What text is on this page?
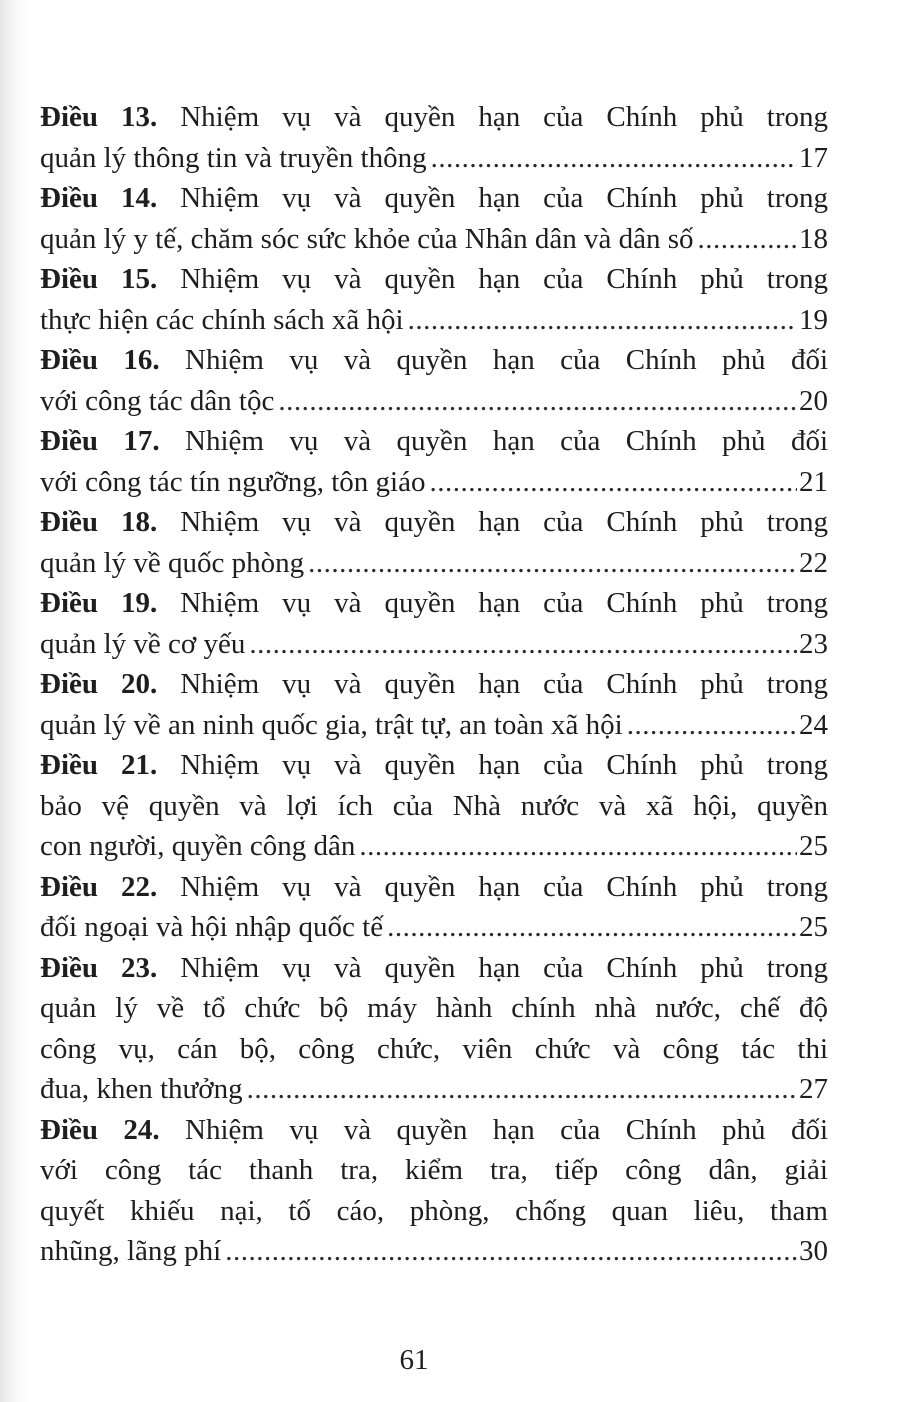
Điều 13. Nhiệm vụ và quyền hạn của Chính phủ trong
quản lý thông tin và truyền thông .....	17
Điều 14. Nhiệm vụ và quyền hạn của Chính phủ trong
quản lý y tế, chăm sóc sức khỏe của Nhân dân và dân số .....	18
Điều 15. Nhiệm vụ và quyền hạn của Chính phủ trong
thực hiện các chính sách xã hội .....	19
Điều 16. Nhiệm vụ và quyền hạn của Chính phủ đối
với công tác dân tộc .....	20
Điều 17. Nhiệm vụ và quyền hạn của Chính phủ đối
với công tác tín ngưỡng, tôn giáo .....	21
Điều 18. Nhiệm vụ và quyền hạn của Chính phủ trong
quản lý về quốc phòng .....	22
Điều 19. Nhiệm vụ và quyền hạn của Chính phủ trong
quản lý về cơ yếu .....	23
Điều 20. Nhiệm vụ và quyền hạn của Chính phủ trong
quản lý về an ninh quốc gia, trật tự, an toàn xã hội .....	24
Điều 21. Nhiệm vụ và quyền hạn của Chính phủ trong
bảo vệ quyền và lợi ích của Nhà nước và xã hội, quyền
con người, quyền công dân .....	25
Điều 22. Nhiệm vụ và quyền hạn của Chính phủ trong
đối ngoại và hội nhập quốc tế .....	25
Điều 23. Nhiệm vụ và quyền hạn của Chính phủ trong
quản lý về tổ chức bộ máy hành chính nhà nước, chế độ
công vụ, cán bộ, công chức, viên chức và công tác thi
đua, khen thưởng .....	27
Điều 24. Nhiệm vụ và quyền hạn của Chính phủ đối
với công tác thanh tra, kiểm tra, tiếp công dân, giải
quyết khiếu nại, tố cáo, phòng, chống quan liêu, tham
nhũng, lãng phí .....	30
61
